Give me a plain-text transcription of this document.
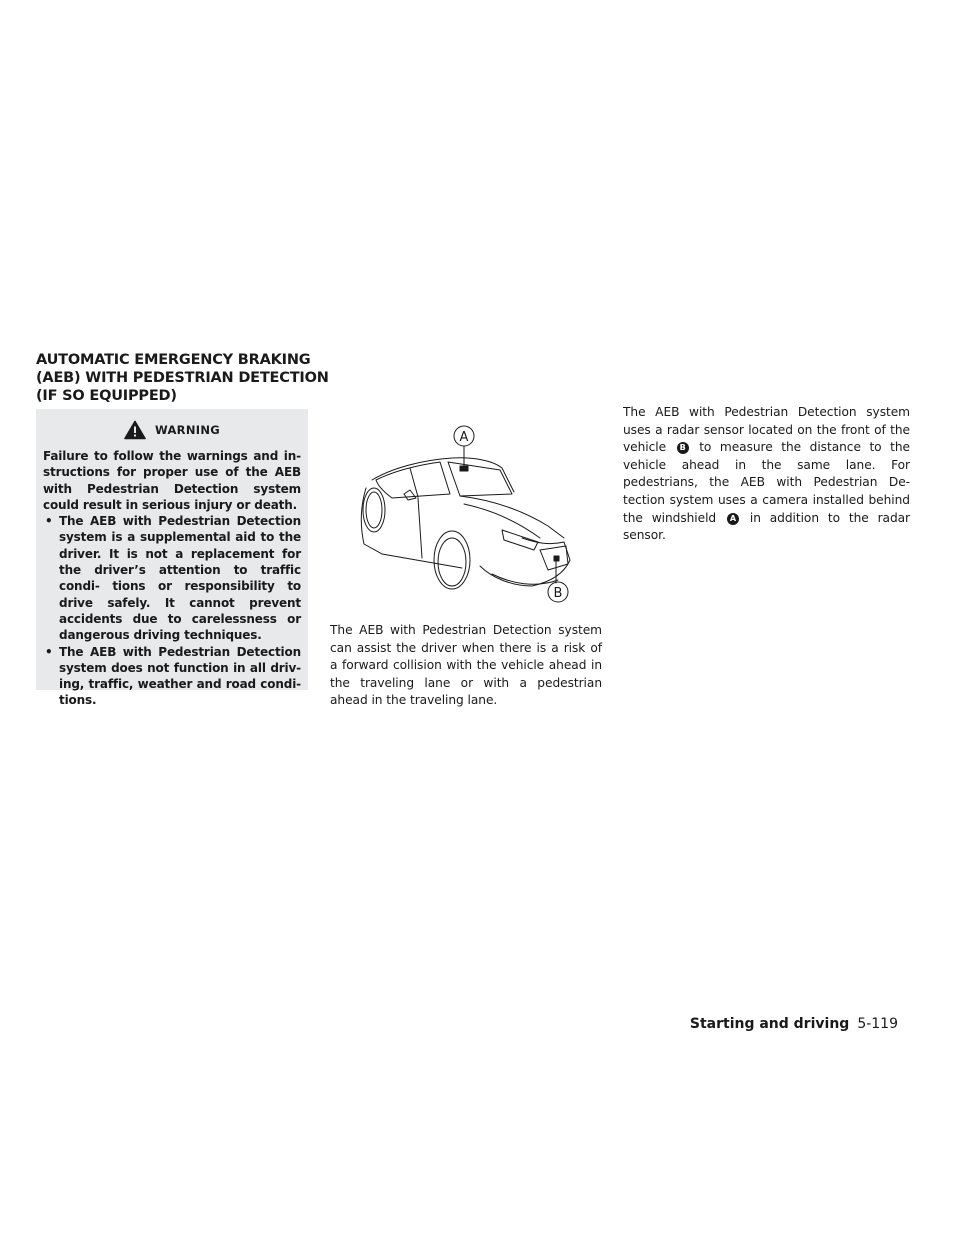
AUTOMATIC EMERGENCY BRAKING
(AEB) WITH PEDESTRIAN DETECTION
(IF SO EQUIPPED)
WARNING

Failure to follow the warnings and in- structions for proper use of the AEB with Pedestrian Detection system could result in serious injury or death.

• The AEB with Pedestrian Detection system is a supplemental aid to the driver. It is not a replacement for the driver’s attention to traffic condi- tions or responsibility to drive safely. It cannot prevent accidents due to carelessness or dangerous driving techniques.
• The AEB with Pedestrian Detection system does not function in all driv- ing, traffic, weather and road condi- tions.
A
B

The AEB with Pedestrian Detection system can assist the driver when there is a risk of a forward collision with the vehicle ahead in the traveling lane or with a pedestrian ahead in the traveling lane.

The AEB with Pedestrian Detection system uses a radar sensor located on the front of the vehicle B to measure the distance to the vehicle ahead in the same lane. For pedestrians, the AEB with Pedestrian De- tection system uses a camera installed behind the windshield A in addition to the radar sensor.

Starting and driving 5-119
